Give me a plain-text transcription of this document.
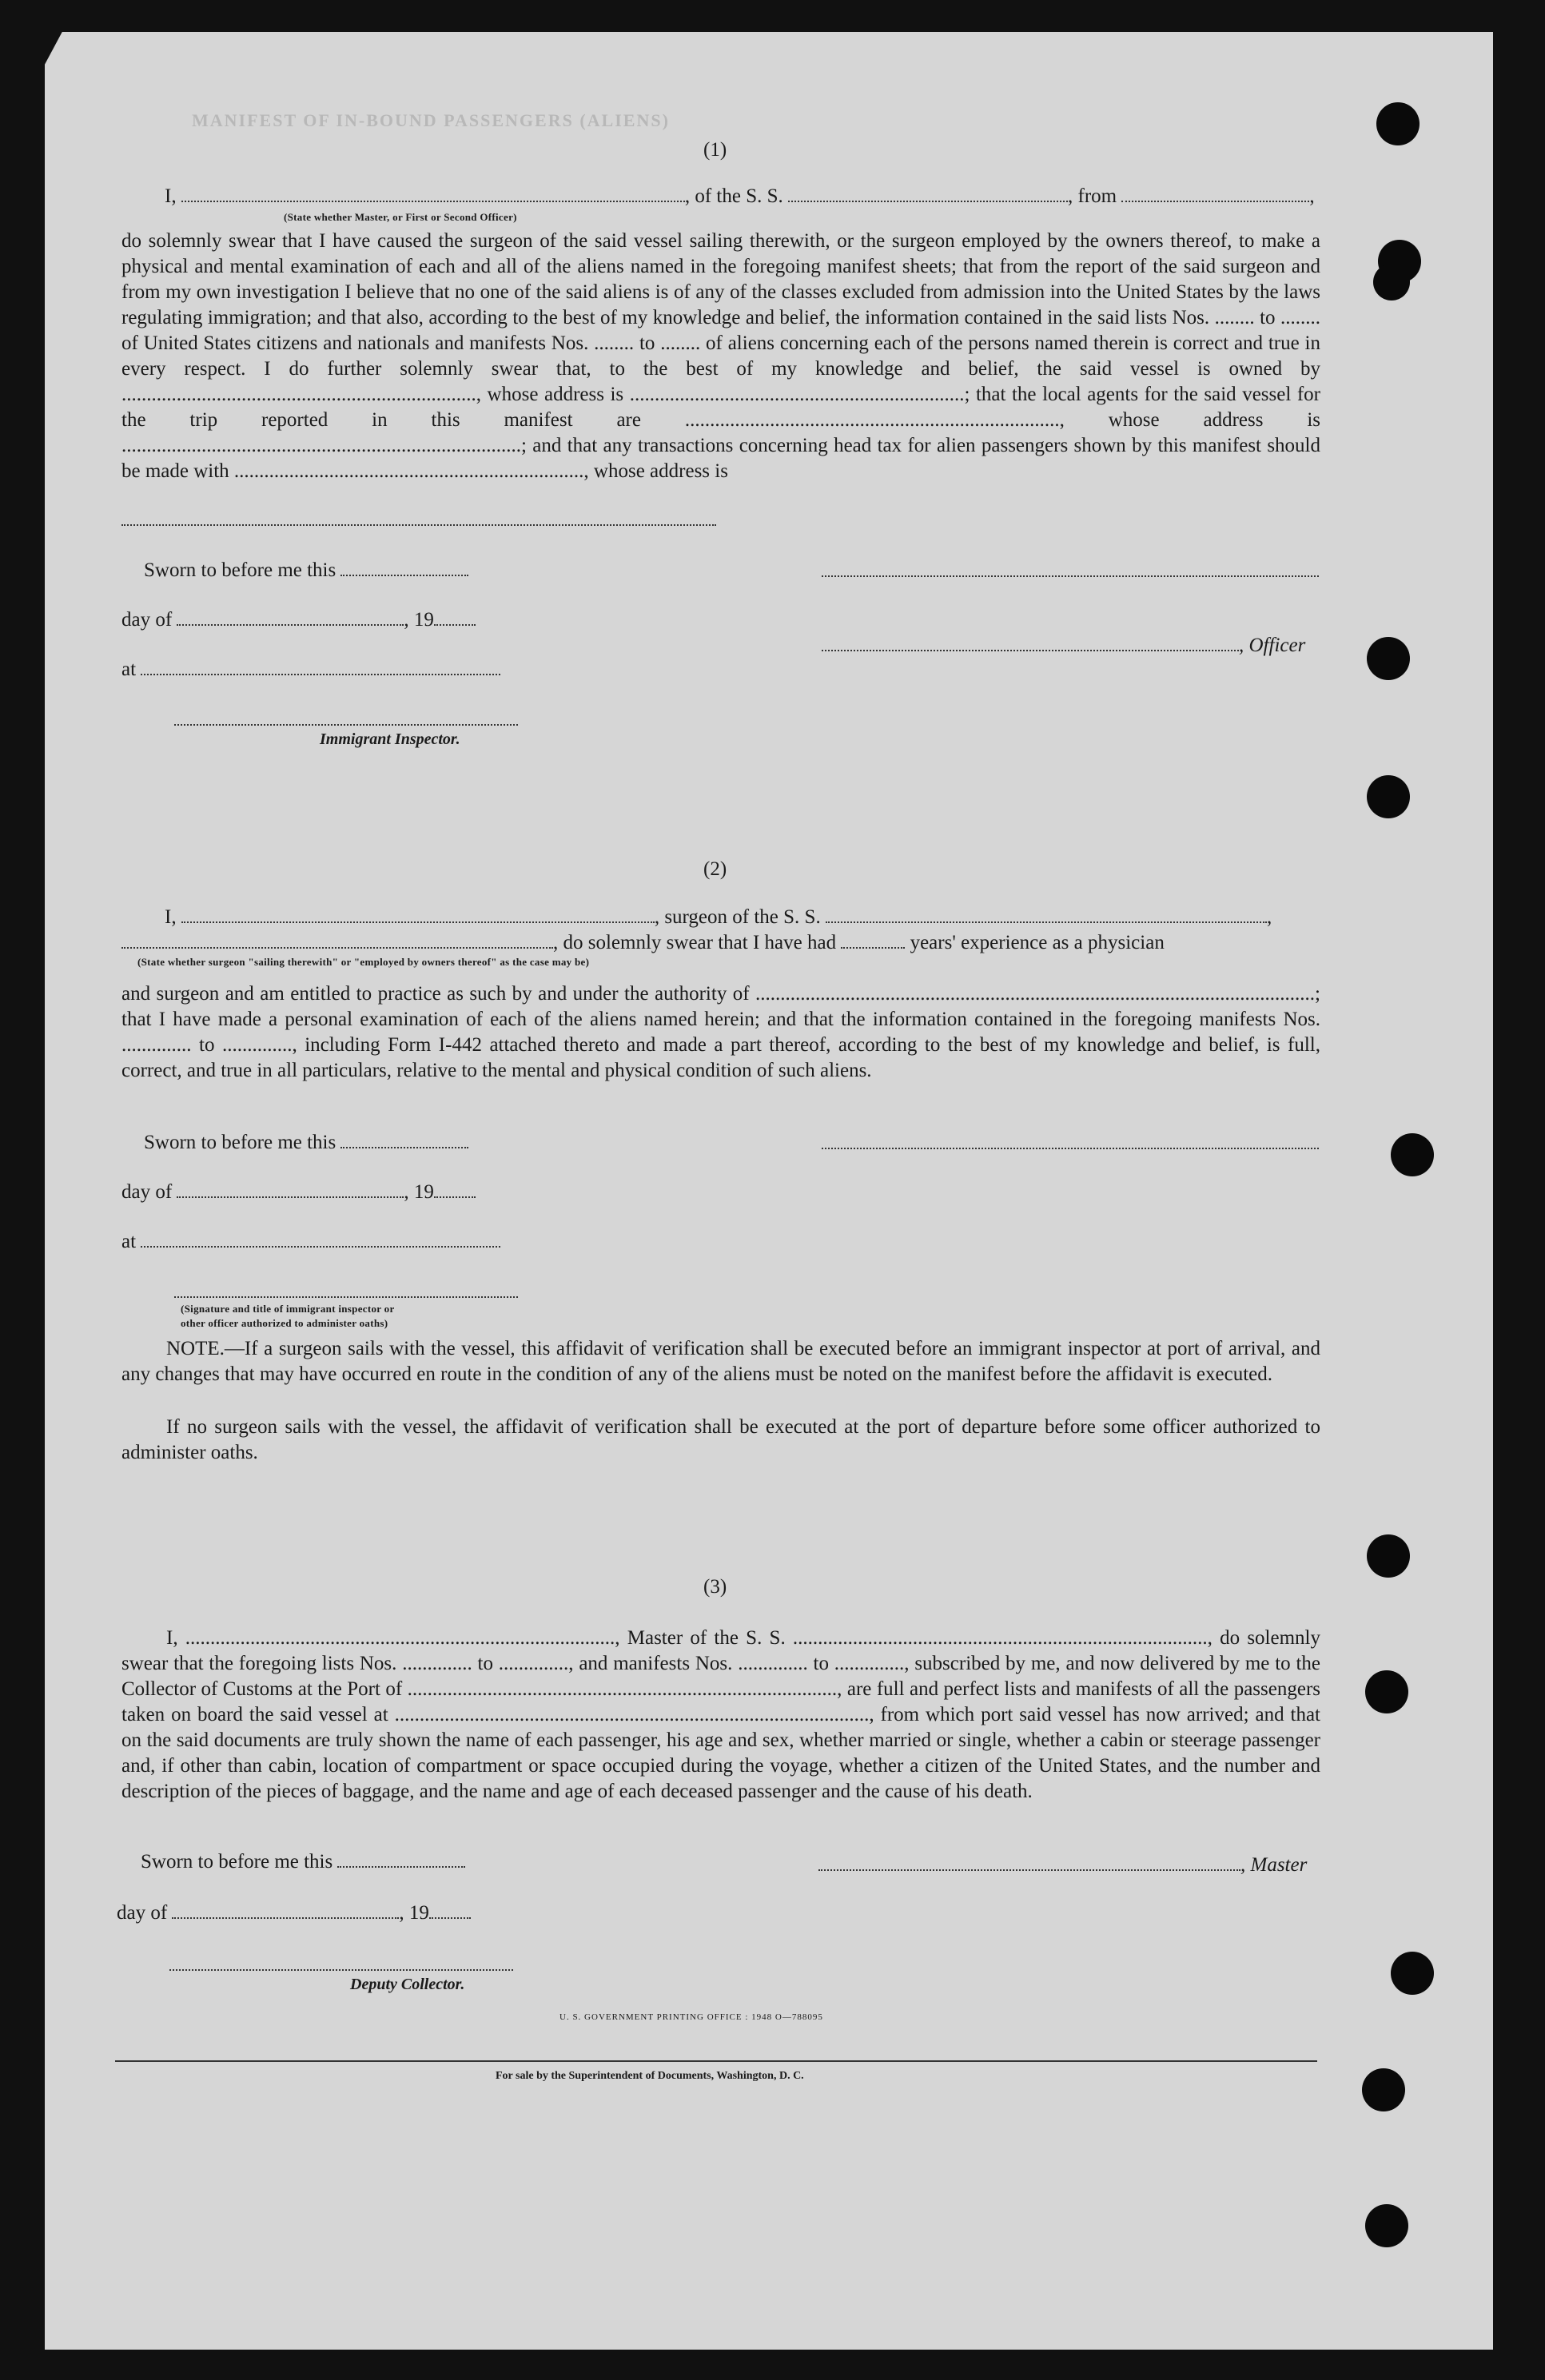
MANIFEST OF IN-BOUND PASSENGERS (ALIENS)
(1)
I,	, of the S. S.	, from	,
(State whether Master, or First or Second Officer)
do solemnly swear that I have caused the surgeon of the said vessel sailing therewith, or the surgeon employed by the owners thereof, to make a physical and mental examination of each and all of the aliens named in the foregoing manifest sheets; that from the report of the said surgeon and from my own investigation I believe that no one of the said aliens is of any of the classes excluded from admission into the United States by the laws regulating immigration; and that also, according to the best of my knowledge and belief, the information contained in the said lists Nos. ........ to ........ of United States citizens and nationals and manifests Nos. ........ to ........ of aliens concerning each of the persons named therein is correct and true in every respect. I do further solemnly swear that, to the best of my knowledge and belief, the said vessel is owned by ......................................................................., whose address is ...................................................................; that the local agents for the said vessel for the trip reported in this manifest are ..........................................................................., whose address is ................................................................................; and that any transactions concerning head tax for alien passengers shown by this manifest should be made with ......................................................................, whose address is
Sworn to before me this
day of	, 19
, Officer
at
Immigrant Inspector.
(2)
I,	, surgeon of the S. S.	,
, do solemnly swear that I have had	years' experience as a physician
(State whether surgeon "sailing therewith" or "employed by owners thereof" as the case may be)
and surgeon and am entitled to practice as such by and under the authority of ................................................................................................................; that I have made a personal examination of each of the aliens named herein; and that the information contained in the foregoing manifests Nos. .............. to .............., including Form I-442 attached thereto and made a part thereof, according to the best of my knowledge and belief, is full, correct, and true in all particulars, relative to the mental and physical condition of such aliens.
Sworn to before me this
day of	, 19
at
(Signature and title of immigrant inspector or
other officer authorized to administer oaths)
NOTE.—If a surgeon sails with the vessel, this affidavit of verification shall be executed before an immigrant inspector at port of arrival, and any changes that may have occurred en route in the condition of any of the aliens must be noted on the manifest before the affidavit is executed.
If no surgeon sails with the vessel, the affidavit of verification shall be executed at the port of departure before some officer authorized to administer oaths.
(3)
I, ......................................................................................, Master of the S. S. ..................................................................................., do solemnly swear that the foregoing lists Nos. .............. to .............., and manifests Nos. .............. to .............., subscribed by me, and now delivered by me to the Collector of Customs at the Port of ......................................................................................, are full and perfect lists and manifests of all the passengers taken on board the said vessel at ..............................................................................................., from which port said vessel has now arrived; and that on the said documents are truly shown the name of each passenger, his age and sex, whether married or single, whether a cabin or steerage passenger and, if other than cabin, location of compartment or space occupied during the voyage, whether a citizen of the United States, and the number and description of the pieces of baggage, and the name and age of each deceased passenger and the cause of his death.
Sworn to before me this	, Master
day of	, 19
Deputy Collector.
U. S. GOVERNMENT PRINTING OFFICE : 1948 O—788095
For sale by the Superintendent of Documents, Washington, D. C.
